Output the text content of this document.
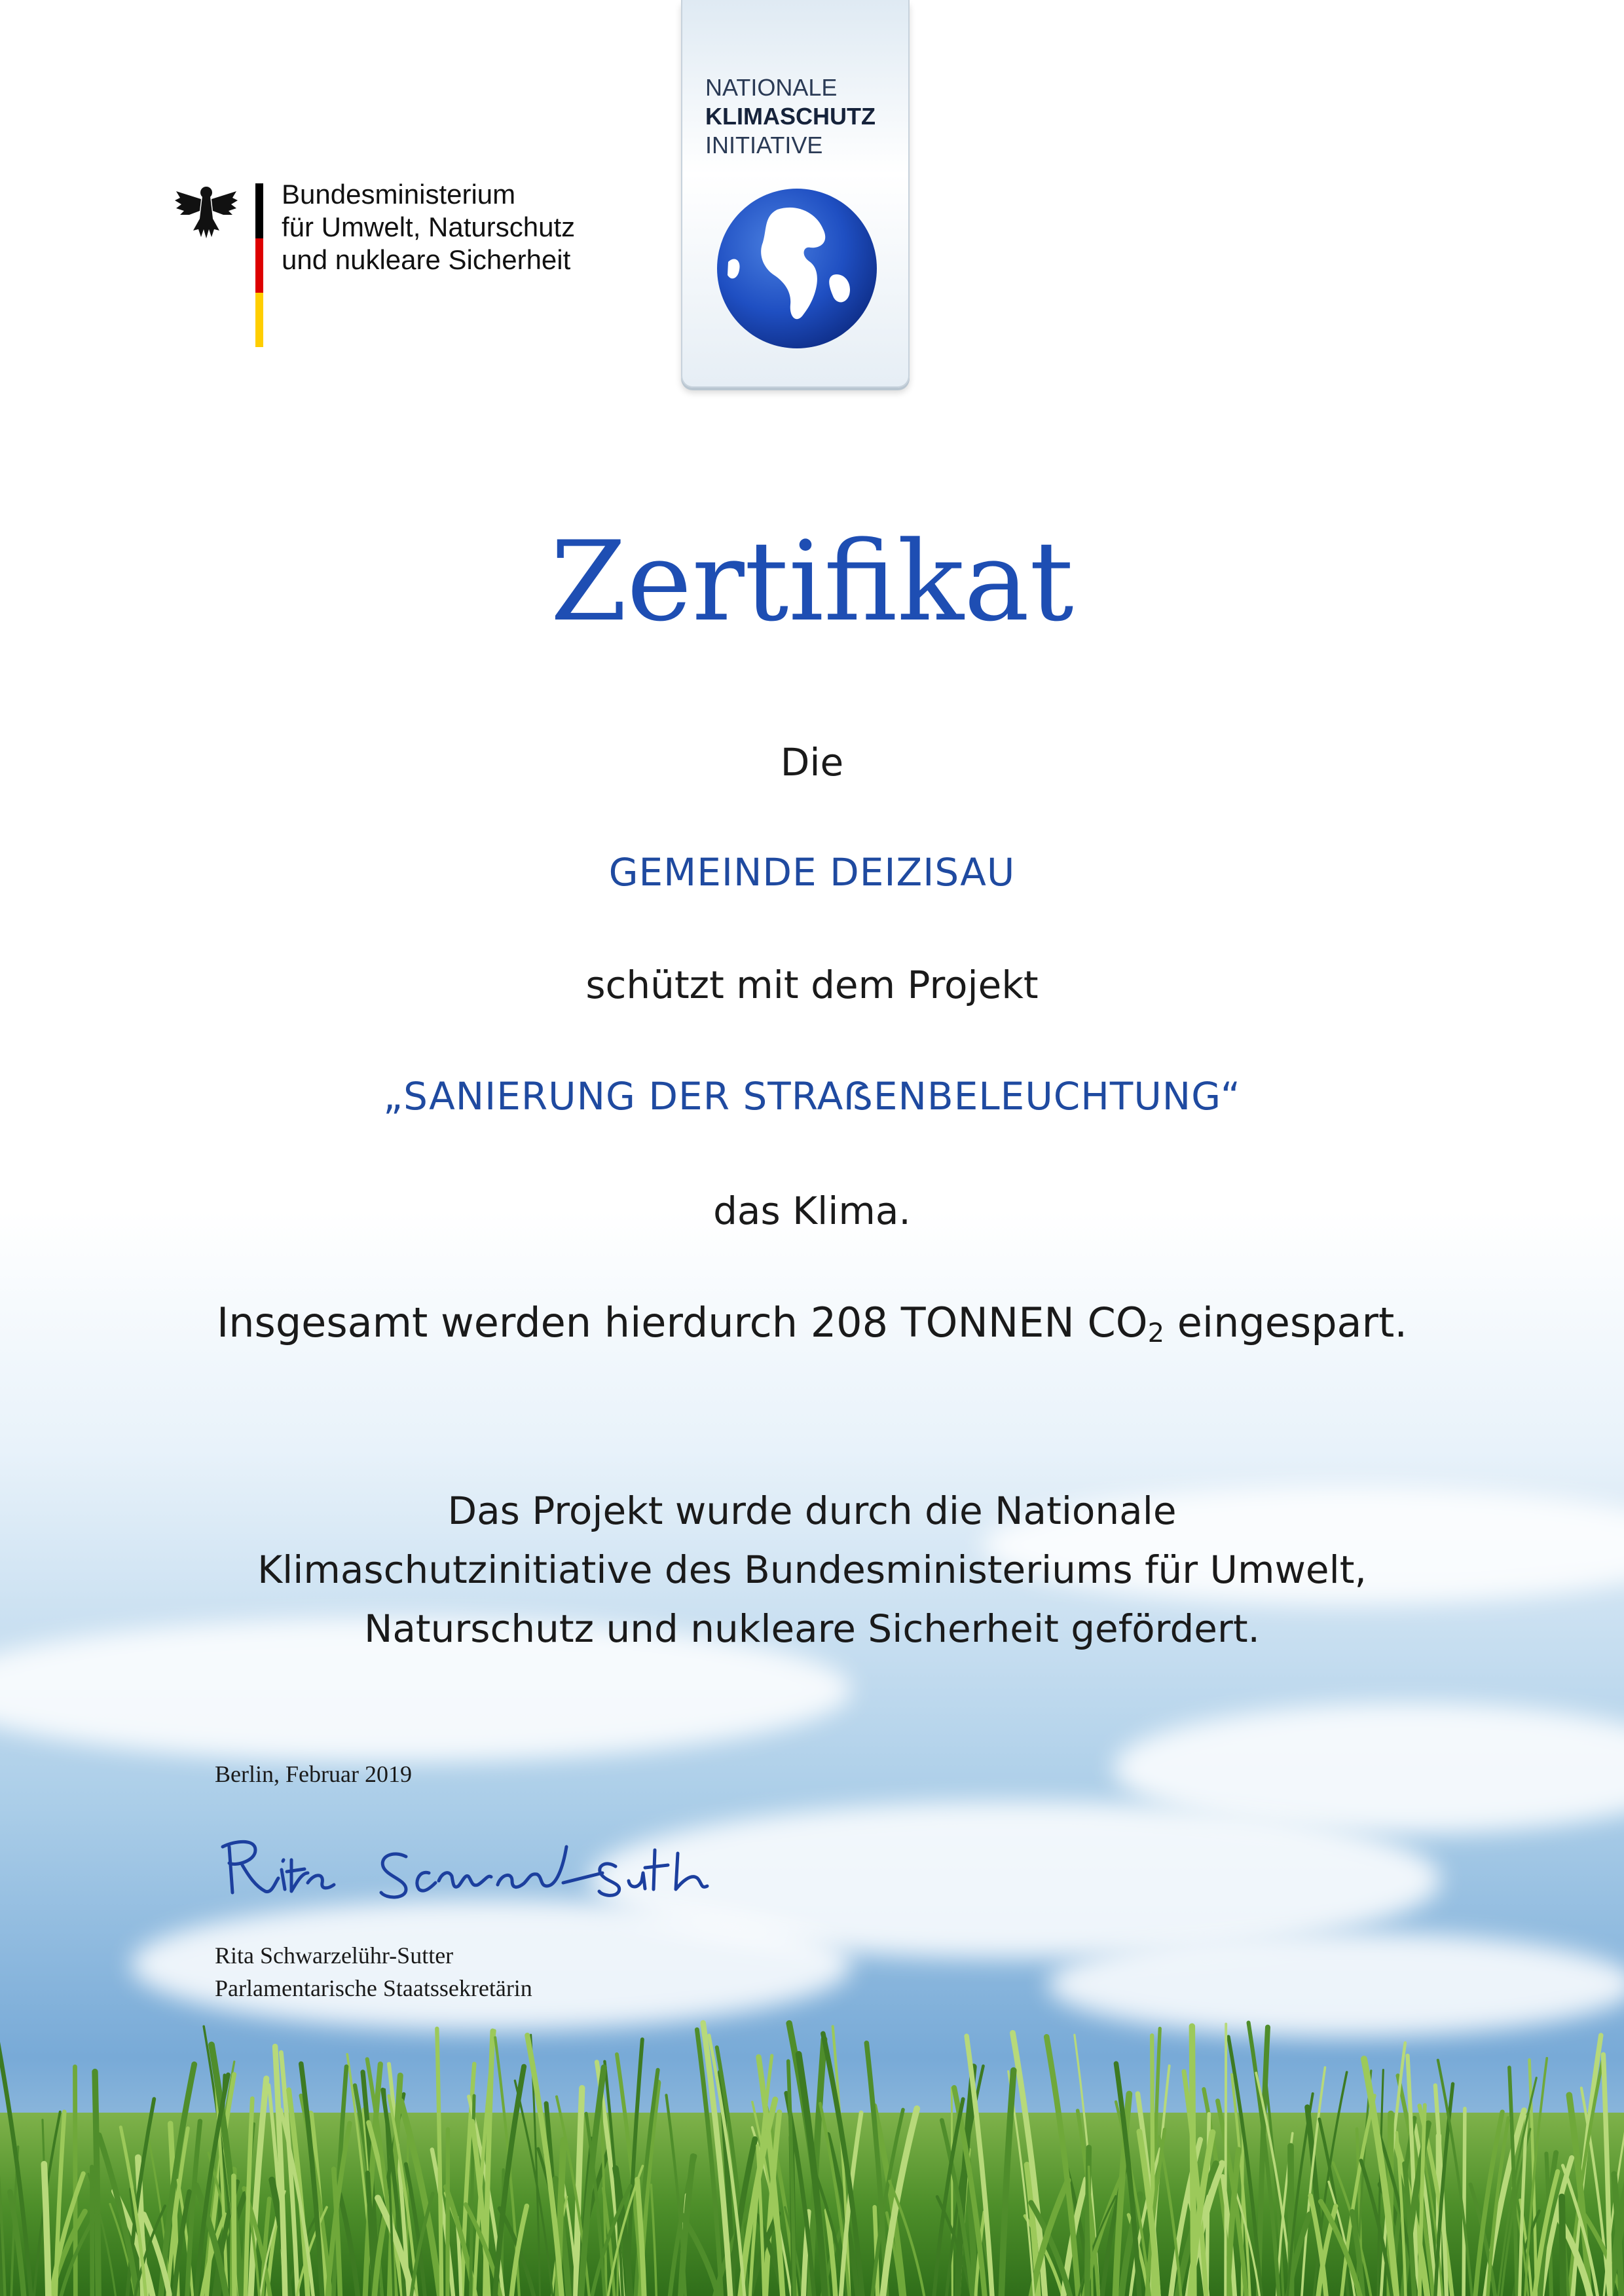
Bundesministerium
für Umwelt, Naturschutz
und nukleare Sicherheit
NATIONALE
KLIMASCHUTZ
INITIATIVE
Zertifikat
Die
GEMEINDE DEIZISAU
schützt mit dem Projekt
„SANIERUNG DER STRAẞENBELEUCHTUNG“
das Klima.
Insgesamt werden hierdurch 208 TONNEN $CO_2$ eingespart.
Das Projekt wurde durch die Nationale
Klimaschutzinitiative des Bundesministeriums für Umwelt,
Naturschutz und nukleare Sicherheit gefördert.
Berlin, Februar 2019
Rita Schwarzelühr-Sutter
Parlamentarische Staatssekretärin
